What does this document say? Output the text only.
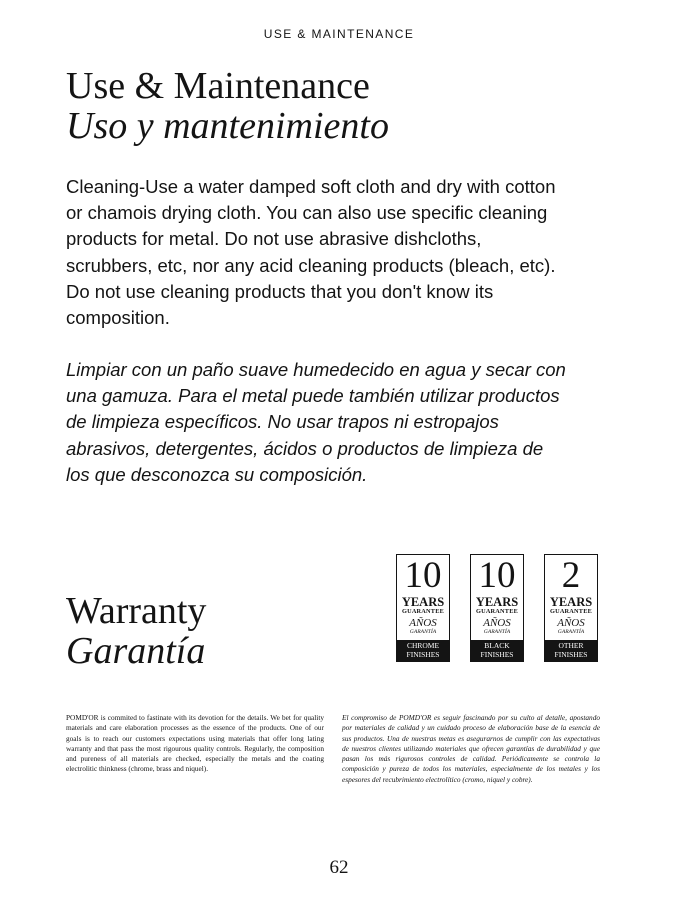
USE & MAINTENANCE
Use & Maintenance
Uso y mantenimiento
Cleaning-Use a water damped soft cloth and dry with cotton or chamois drying cloth. You can also use specific cleaning products for metal. Do not use abrasive dishcloths, scrubbers, etc, nor any acid cleaning products (bleach, etc). Do not use cleaning products that you don't know its composition.
Limpiar con un paño suave humedecido en agua y secar con una gamuza. Para el metal puede también utilizar productos de limpieza específicos. No usar trapos ni estropajos abrasivos, detergentes, ácidos o productos de limpieza de los que desconozca su composición.
Warranty
Garantía
10
YEARS
GUARANTEE
AÑOS
GARANTÍA
CHROME
FINISHES
10
YEARS
GUARANTEE
AÑOS
GARANTÍA
BLACK
FINISHES
2
YEARS
GUARANTEE
AÑOS
GARANTÍA
OTHER
FINISHES
POMD'OR is commited to fastinate with its devotion for the details. We bet for quality materials and care elaboration processes as the essence of the products. One of our goals is to reach our customers expectations using materials that offer long lating warranty and that pass the most rigourous quality controls. Regularly, the composition and pureness of all materials are checked, especially the metals and the coating electrolitic thinkness (chrome, brass and niquel).
El compromiso de POMD'OR es seguir fascinando por su culto al detalle, apostando por materiales de calidad y un cuidado proceso de elaboración base de la esencia de sus productos. Una de nuestras metas es asegurarnos de cumplir con las expectativas de nuestros clientes utilizando materiales que ofrecen garantías de durabilidad y que pasan los más rigurosos controles de calidad. Periódicamente se controla la composición y pureza de todos los materiales, especialmente de los metales y los espesores del recubrimiento electrolítico (cromo, niquel y cobre).
62
